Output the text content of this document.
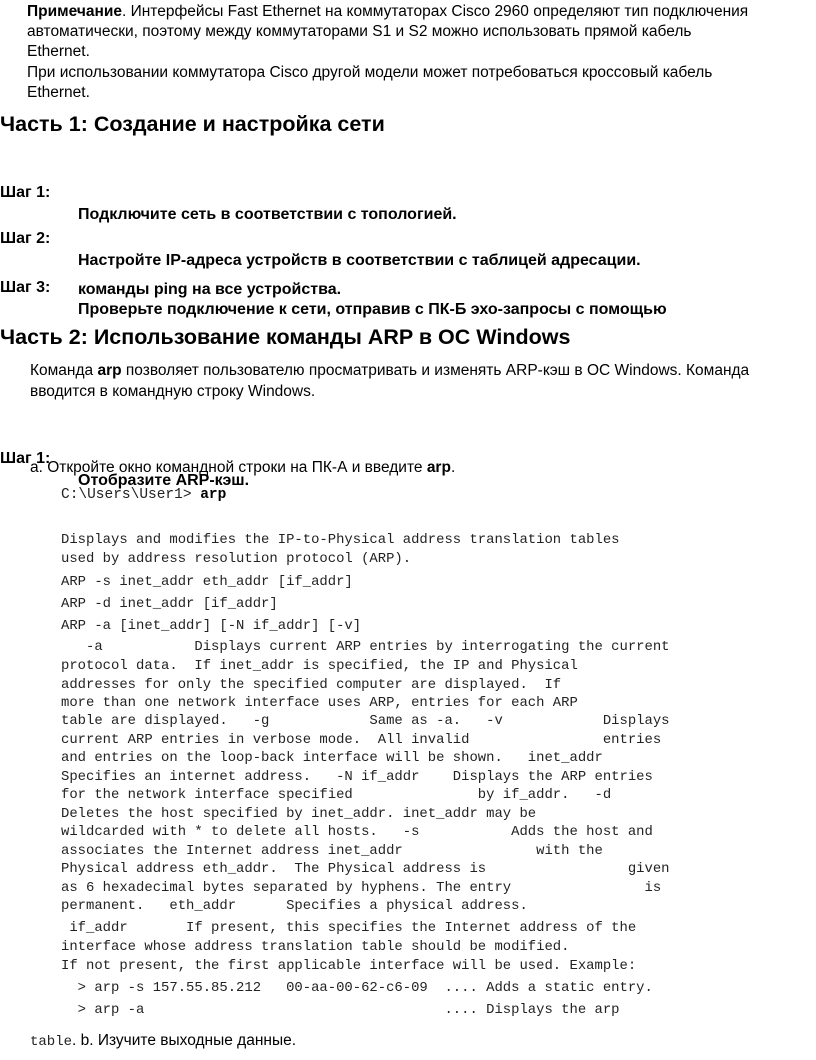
Примечание. Интерфейсы Fast Ethernet на коммутаторах Cisco 2960 определяют тип подключения
автоматически, поэтому между коммутаторами S1 и S2 можно использовать прямой кабель
Ethernet.
При использовании коммутатора Cisco другой модели может потребоваться кроссовый кабель
Ethernet.
Часть 1: Создание и настройка сети

Шаг 1:

Подключите сеть в соответствии с топологией.

Шаг 2:

Настройте IP-адреса устройств в соответствии с таблицей адресации.

Шаг 3:

Проверьте подключение к сети, отправив с ПК-Б эхо-запросы с помощью

команды ping на все устройства.
Часть 2: Использование команды ARP в ОС Windows
Команда arp позволяет пользователю просматривать и изменять ARP-кэш в ОС Windows. Команда
вводится в командную строку Windows.

Шаг 1:

Отобразите ARP-кэш.

a. Откройте окно командной строки на ПК-А и введите arp.
C:\Users\User1> arp
Displays and modifies the IP-to-Physical address translation tables
used by address resolution protocol (ARP).
ARP -s inet_addr eth_addr [if_addr]
ARP -d inet_addr [if_addr]
ARP -a [inet_addr] [-N if_addr] [-v]
-a           Displays current ARP entries by interrogating the current
protocol data.  If inet_addr is specified, the IP and Physical
addresses for only the specified computer are displayed.  If
more than one network interface uses ARP, entries for each ARP
table are displayed.   -g            Same as -a.   -v            Displays
current ARP entries in verbose mode.  All invalid                entries
and entries on the loop-back interface will be shown.   inet_addr
Specifies an internet address.   -N if_addr    Displays the ARP entries
for the network interface specified               by if_addr.   -d
Deletes the host specified by inet_addr. inet_addr may be
wildcarded with * to delete all hosts.   -s           Adds the host and
associates the Internet address inet_addr                with the
Physical address eth_addr.  The Physical address is                 given
as 6 hexadecimal bytes separated by hyphens. The entry                is
permanent.   eth_addr      Specifies a physical address.
if_addr       If present, this specifies the Internet address of the
interface whose address translation table should be modified.
If not present, the first applicable interface will be used. Example:
> arp -s 157.55.85.212   00-aa-00-62-c6-09  .... Adds a static entry.
> arp -a                                    .... Displays the arp
table. b. Изучите выходные данные.
